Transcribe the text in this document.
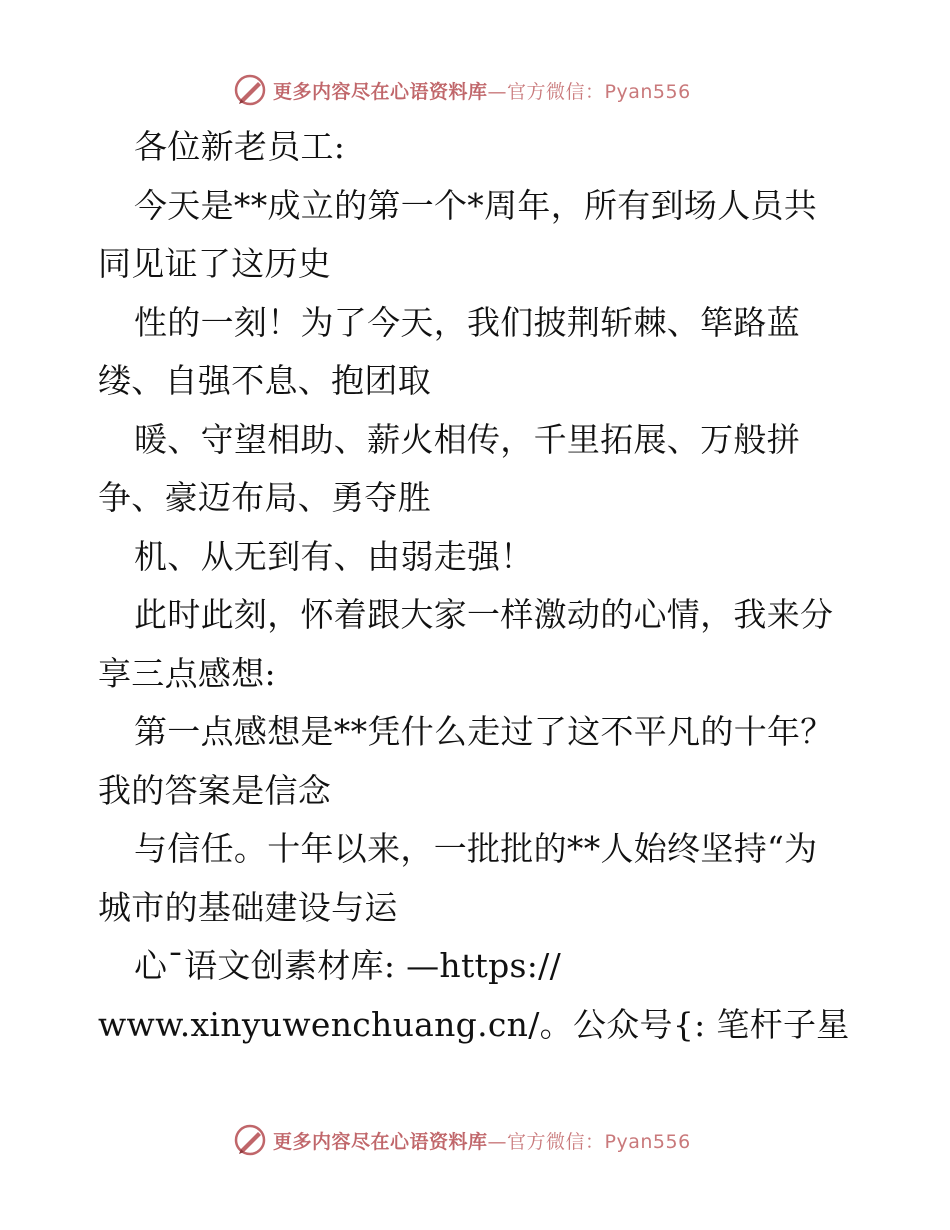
更多内容尽在心语资料库—官方微信：Pyan556
各位新老员工:
今天是**成立的第一个*周年，所有到场人员共
同见证了这历史
性的一刻！为了今天，我们披荆斩棘、筚路蓝
缕、自强不息、抱团取
暖、守望相助、薪火相传，千里拓展、万般拼
争、豪迈布局、勇夺胜
机、从无到有、由弱走强！
此时此刻，怀着跟大家一样激动的心情，我来分
享三点感想:
第一点感想是**凭什么走过了这不平凡的十年？
我的答案是信念
与信任。十年以来，一批批的**人始终坚持“为
城市的基础建设与运
心¯语文创素材库: —https://
www.xinyuwenchuang.cn/。公众号{: 笔杆子星
更多内容尽在心语资料库—官方微信：Pyan556
